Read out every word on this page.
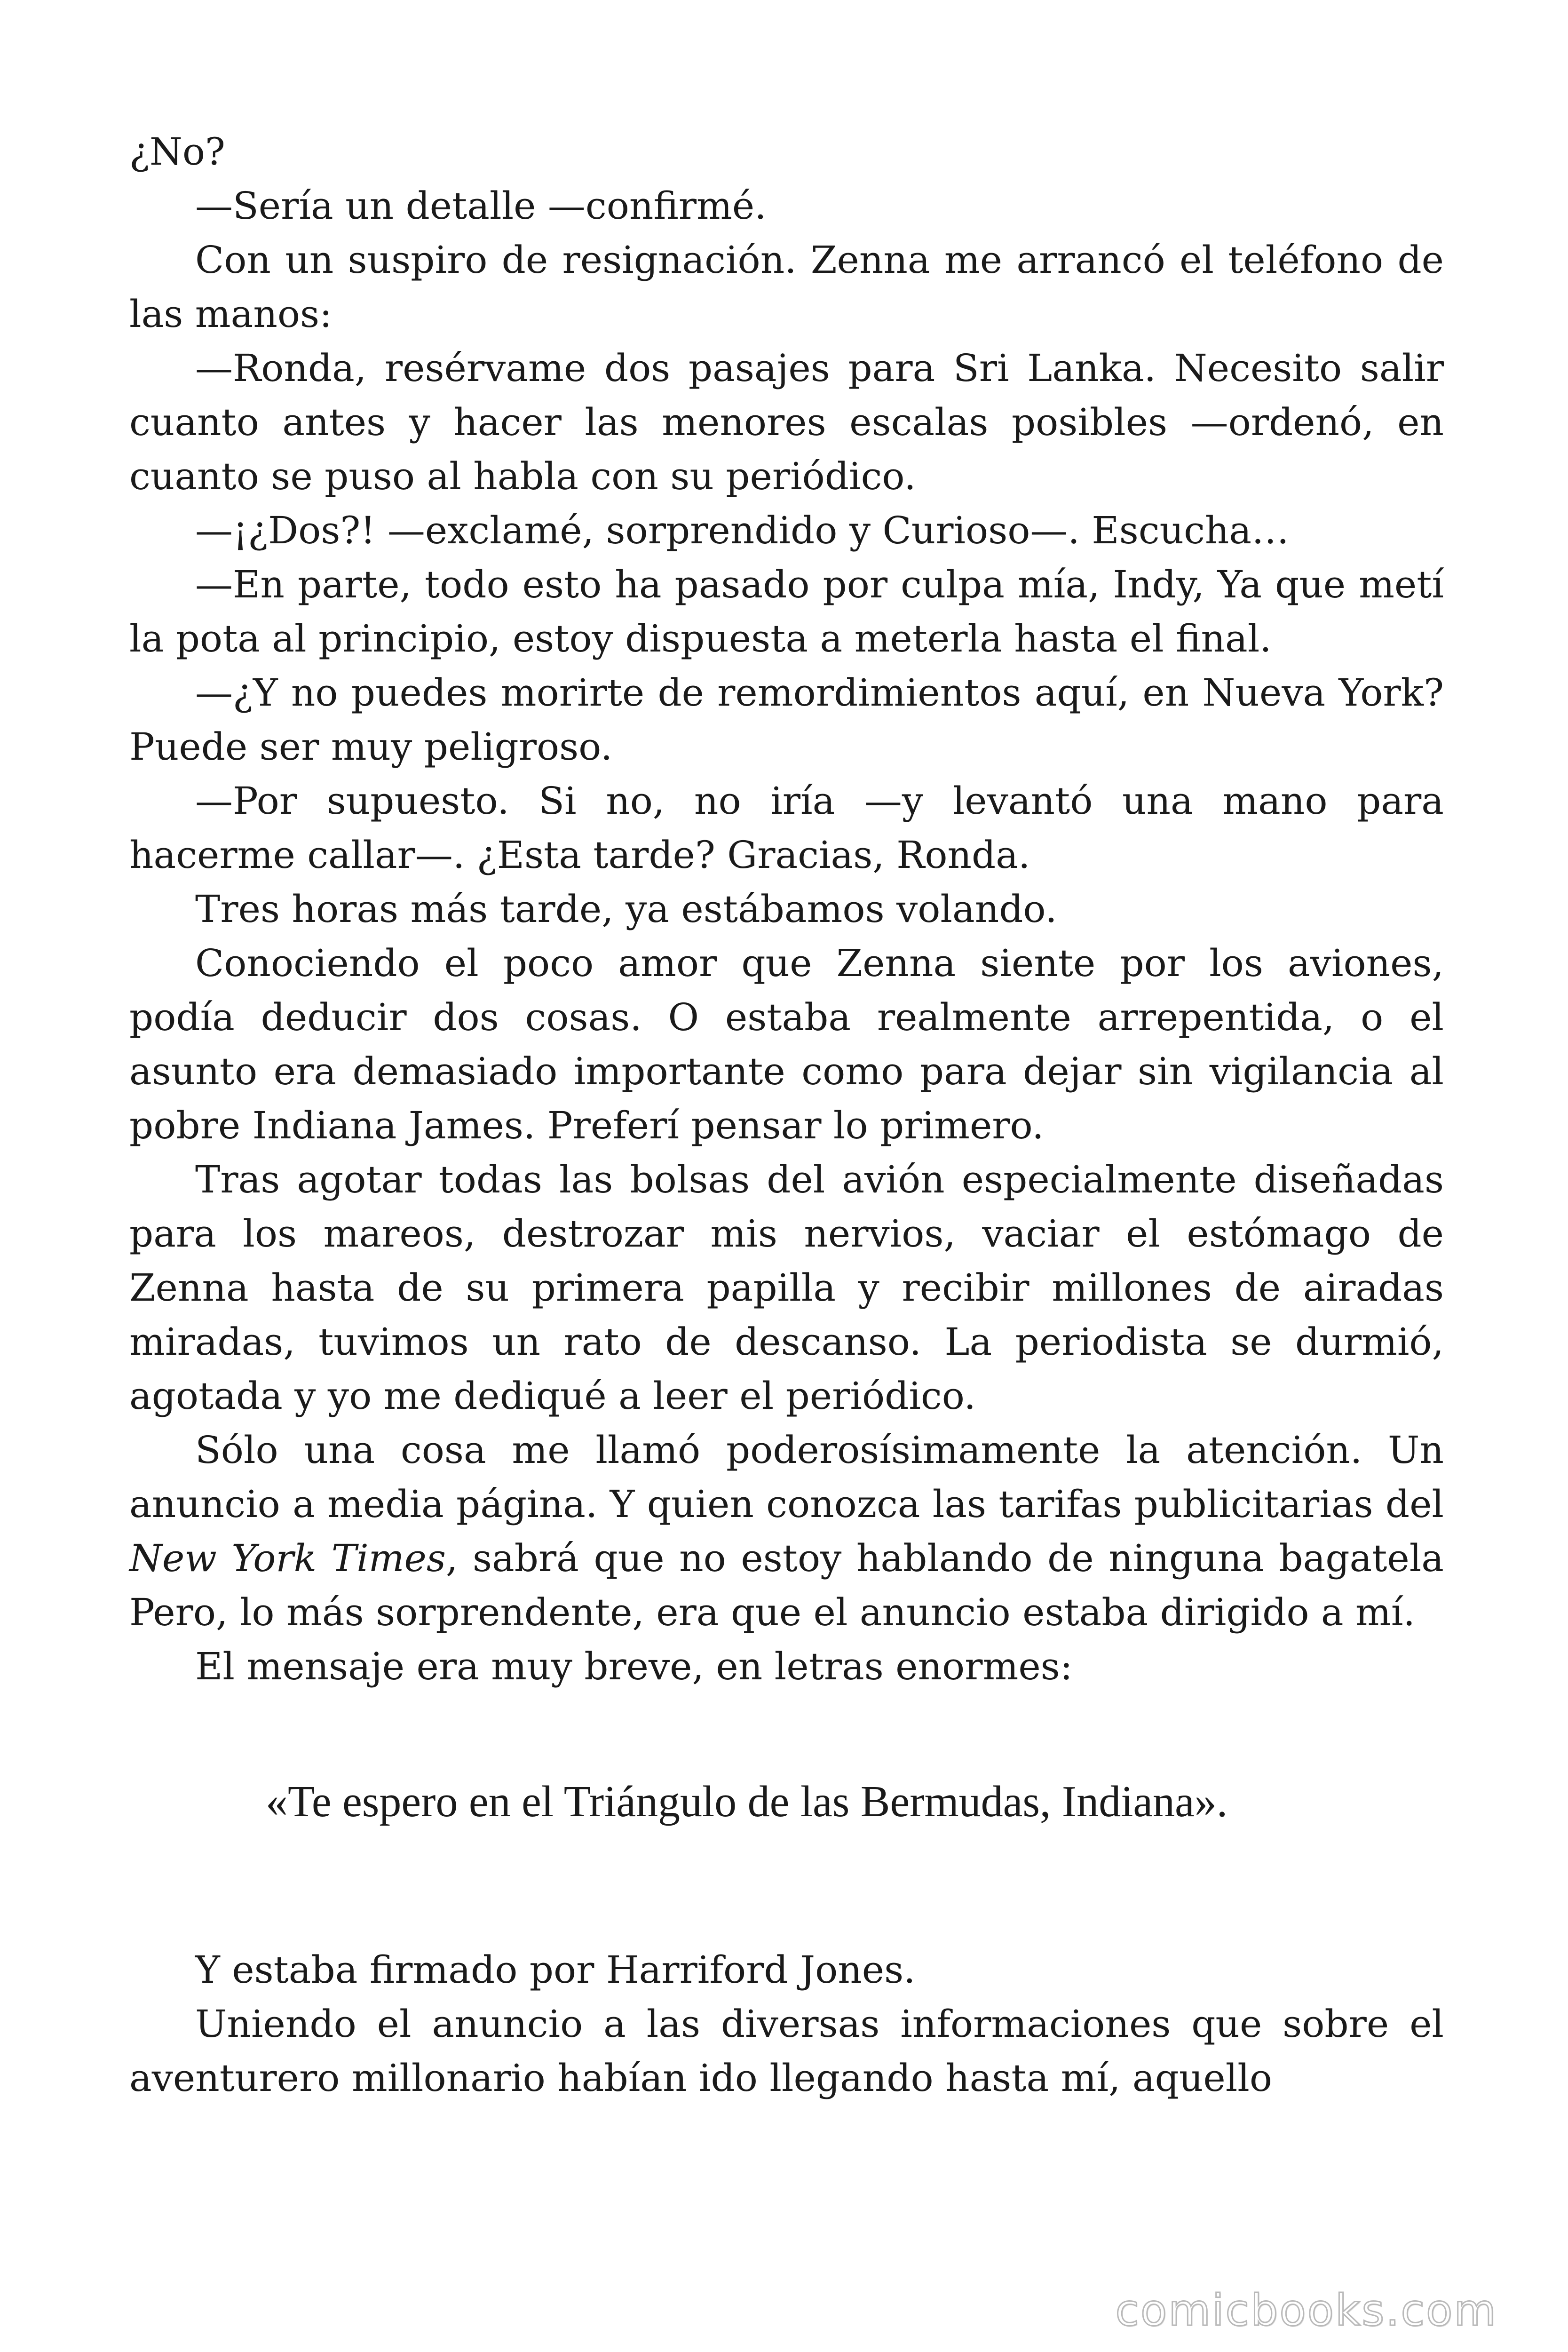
¿No?

—Sería un detalle —confirmé.

Con un suspiro de resignación. Zenna me arrancó el teléfono de las manos:

—Ronda, resérvame dos pasajes para Sri Lanka. Necesito salir cuanto antes y hacer las menores escalas posibles —ordenó, en cuanto se puso al habla con su periódico.

—¡¿Dos?! —exclamé, sorprendido y Curioso—. Escucha…

—En parte, todo esto ha pasado por culpa mía, Indy, Ya que metí la pota al principio, estoy dispuesta a meterla hasta el final.

—¿Y no puedes morirte de remordimientos aquí, en Nueva York? Puede ser muy peligroso.

—Por supuesto. Si no, no iría —y levantó una mano para hacerme callar—. ¿Esta tarde? Gracias, Ronda.

Tres horas más tarde, ya estábamos volando.

Conociendo el poco amor que Zenna siente por los aviones, podía deducir dos cosas. O estaba realmente arrepentida, o el asunto era demasiado importante como para dejar sin vigilancia al pobre Indiana James. Preferí pensar lo primero.

Tras agotar todas las bolsas del avión especialmente diseñadas para los mareos, destrozar mis nervios, vaciar el estómago de Zenna hasta de su primera papilla y recibir millones de airadas miradas, tuvimos un rato de descanso. La periodista se durmió, agotada y yo me dediqué a leer el periódico.

Sólo una cosa me llamó poderosísimamente la atención. Un anuncio a media página. Y quien conozca las tarifas publicitarias del New York Times, sabrá que no estoy hablando de ninguna bagatela Pero, lo más sorprendente, era que el anuncio estaba dirigido a mí.

El mensaje era muy breve, en letras enormes:

«Te espero en el Triángulo de las Bermudas, Indiana».

Y estaba firmado por Harriford Jones.

Uniendo el anuncio a las diversas informaciones que sobre el aventurero millonario habían ido llegando hasta mí, aquello

comicbooks.com
